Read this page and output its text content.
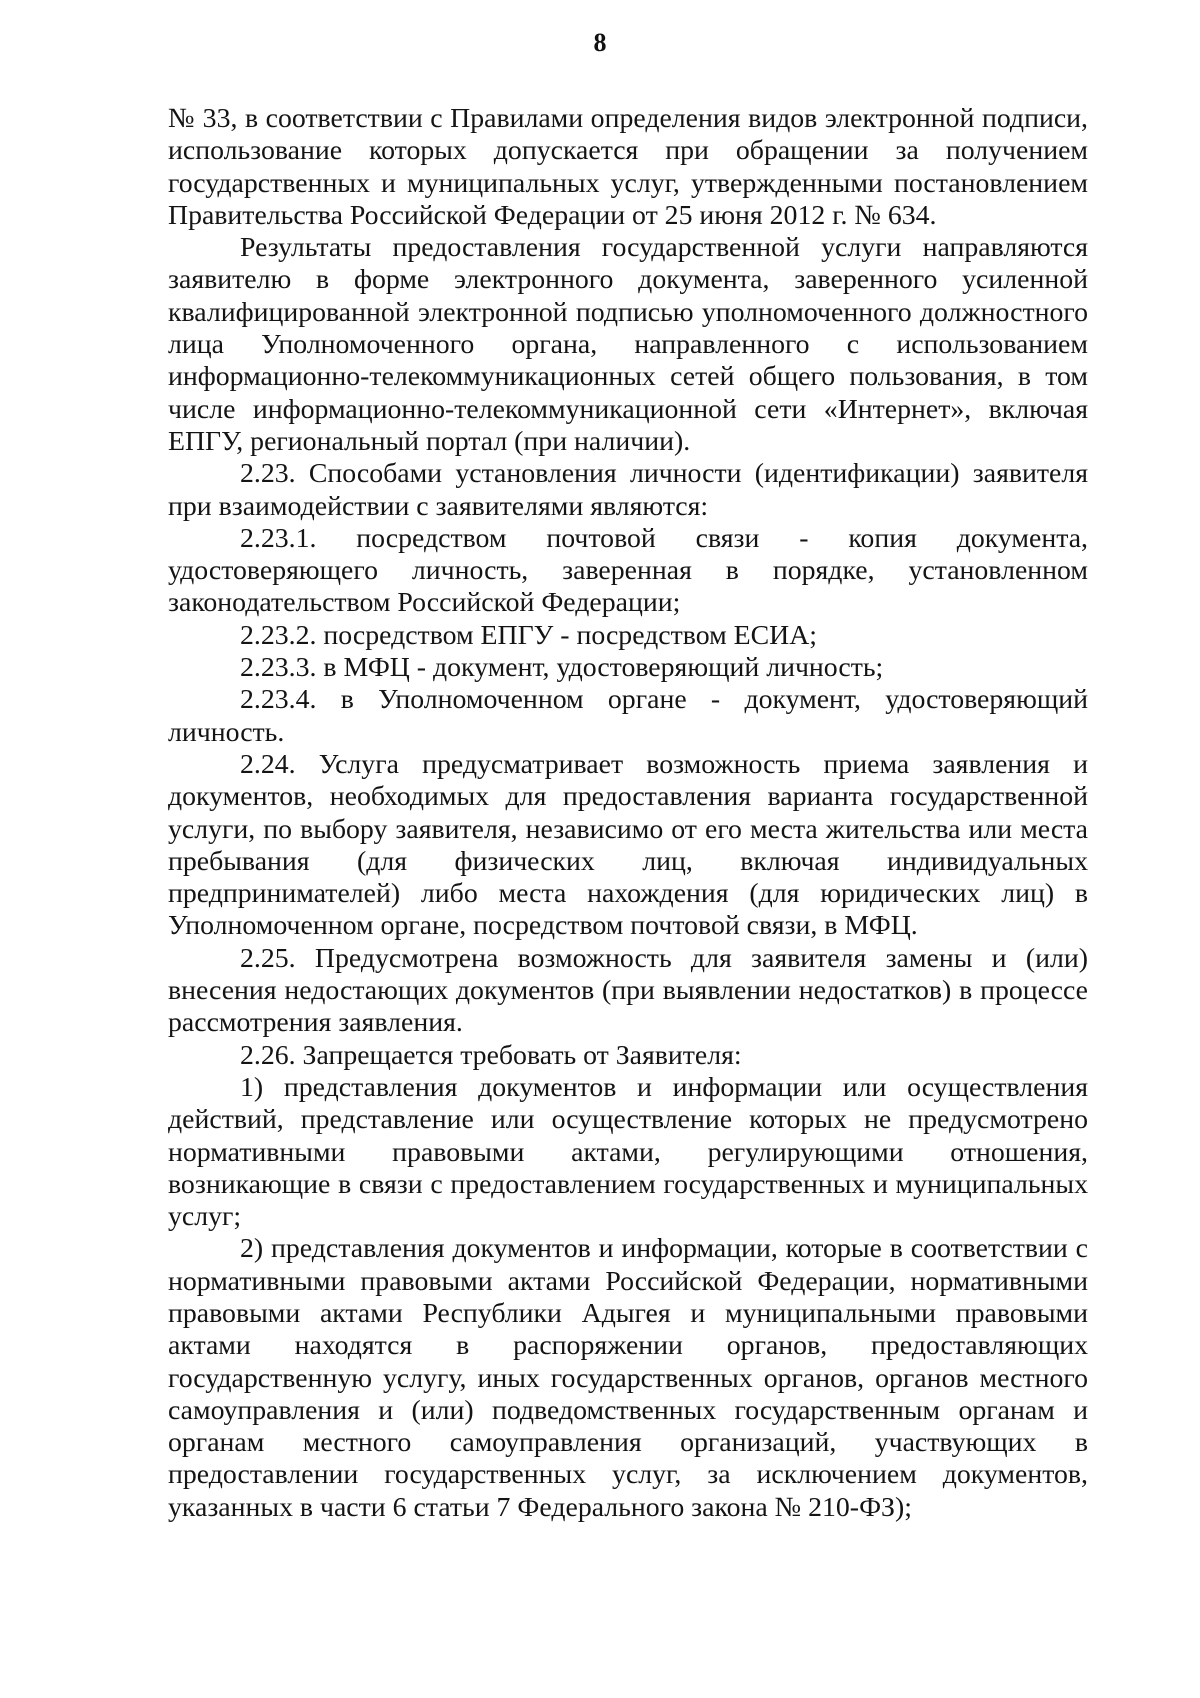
8

№ 33, в соответствии с Правилами определения видов электронной подписи, использование которых допускается при обращении за получением государственных и муниципальных услуг, утвержденными постановлением Правительства Российской Федерации от 25 июня 2012 г. № 634.

Результаты предоставления государственной услуги направляются заявителю в форме электронного документа, заверенного усиленной квалифицированной электронной подписью уполномоченного должностного лица Уполномоченного органа, направленного с использованием информационно-телекоммуникационных сетей общего пользования, в том числе информационно-телекоммуникационной сети «Интернет», включая ЕПГУ, региональный портал (при наличии).

2.23. Способами установления личности (идентификации) заявителя при взаимодействии с заявителями являются:

2.23.1. посредством почтовой связи - копия документа, удостоверяющего личность, заверенная в порядке, установленном законодательством Российской Федерации;

2.23.2. посредством ЕПГУ - посредством ЕСИА;

2.23.3. в МФЦ - документ, удостоверяющий личность;

2.23.4. в Уполномоченном органе - документ, удостоверяющий личность.

2.24. Услуга предусматривает возможность приема заявления и документов, необходимых для предоставления варианта государственной услуги, по выбору заявителя, независимо от его места жительства или места пребывания (для физических лиц, включая индивидуальных предпринимателей) либо места нахождения (для юридических лиц) в Уполномоченном органе, посредством почтовой связи, в МФЦ.

2.25. Предусмотрена возможность для заявителя замены и (или) внесения недостающих документов (при выявлении недостатков) в процессе рассмотрения заявления.

2.26. Запрещается требовать от Заявителя:

1) представления документов и информации или осуществления действий, представление или осуществление которых не предусмотрено нормативными правовыми актами, регулирующими отношения, возникающие в связи с предоставлением государственных и муниципальных услуг;

2) представления документов и информации, которые в соответствии с нормативными правовыми актами Российской Федерации, нормативными правовыми актами Республики Адыгея и муниципальными правовыми актами находятся в распоряжении органов, предоставляющих государственную услугу, иных государственных органов, органов местного самоуправления и (или) подведомственных государственным органам и органам местного самоуправления организаций, участвующих в предоставлении государственных услуг, за исключением документов, указанных в части 6 статьи 7 Федерального закона № 210-ФЗ);
